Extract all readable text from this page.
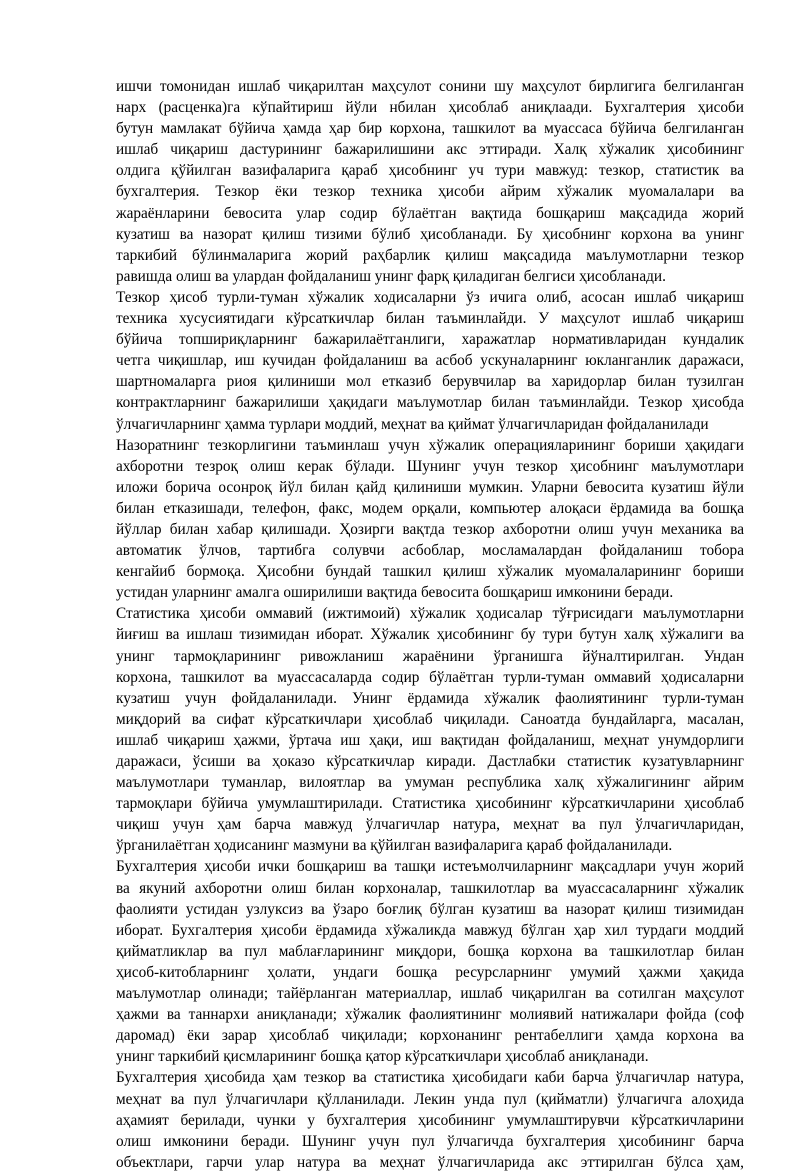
ишчи томонидан ишлаб чиқарилтан маҳсулот сонини шу маҳсулот бирлигига белгиланган
нарх (расценка)га кўпайтириш йўли нбилан ҳисоблаб аниқлаади. Бухгалтерия ҳисоби
бутун мамлакат бўйича ҳамда ҳар бир корхона, ташкилот ва муассаса бўйича белгиланган
ишлаб чиқариш дастурининг бажарилишини акс эттиради. Халқ хўжалик ҳисобининг
олдига қўйилган вазифаларига қараб ҳисобнинг уч тури мавжуд: тезкор, статистик ва
бухгалтерия. Тезкор ёки тезкор техника ҳисоби айрим хўжалик муомалалари ва
жараёнларини бевосита улар содир бўлаётган вақтида бошқариш мақсадида жорий
кузатиш ва назорат қилиш тизими бўлиб ҳисобланади. Бу ҳисобнинг корхона ва унинг
таркибий бўлинмаларига жорий раҳбарлик қилиш мақсадида маълумотларни тезкор
равишда олиш ва улардан фойдаланиш унинг фарқ қиладиган белгиси ҳисобланади.
Тезкор ҳисоб турли-туман хўжалик ходисаларни ўз ичига олиб, асосан ишлаб чиқариш
техника хусусиятидаги кўрсаткичлар билан таъминлайди. У маҳсулот ишлаб чиқариш
бўйича топшириқларнинг бажарилаётганлиги, харажатлар нормативларидан кундалик
четга чиқишлар, иш кучидан фойдаланиш ва асбоб ускуналарнинг юкланганлик даражаси,
шартномаларга риоя қилиниши мол етказиб берувчилар ва харидорлар билан тузилган
контрактларнинг бажарилиши ҳақидаги маълумотлар билан таъминлайди. Тезкор ҳисобда
ўлчагичларнинг ҳамма турлари моддий, меҳнат ва қиймат ўлчагичларидан фойдаланилади
Назоратнинг тезкорлигини таъминлаш учун хўжалик операцияларининг бориши ҳақидаги
ахборотни тезроқ олиш керак бўлади. Шунинг учун тезкор ҳисобнинг маълумотлари
иложи борича осонроқ йўл билан қайд қилиниши мумкин. Уларни бевосита кузатиш йўли
билан етказишади, телефон, факс, модем орқали, компьютер алоқаси ёрдамида ва бошқа
йўллар билан хабар қилишади. Ҳозирги вақтда тезкор ахборотни олиш учун механика ва
автоматик ўлчов, тартибга солувчи асбоблар, мосламалардан фойдаланиш тобора
кенгайиб бормоқа. Ҳисобни бундай ташкил қилиш хўжалик муомалаларининг бориши
устидан уларнинг амалга оширилиши вақтида бевосита бошқариш имконини беради.
Статистика ҳисоби оммавий (ижтимоий) хўжалик ҳодисалар тўғрисидаги маълумотларни
йиғиш ва ишлаш тизимидан иборат. Хўжалик ҳисобининг бу тури бутун халқ хўжалиги ва
унинг тармоқларининг ривожланиш жараёнини ўрганишга йўналтирилган. Ундан
корхона, ташкилот ва муассасаларда содир бўлаётган турли-туман оммавий ҳодисаларни
кузатиш учун фойдаланилади. Унинг ёрдамида хўжалик фаолиятининг турли-туман
миқдорий ва сифат кўрсаткичлари ҳисоблаб чиқилади. Саноатда бундайларга, масалан,
ишлаб чиқариш ҳажми, ўртача иш ҳақи, иш вақтидан фойдаланиш, меҳнат унумдорлиги
даражаси, ўсиши ва ҳоказо кўрсаткичлар киради. Дастлабки статистик кузатувларнинг
маълумотлари туманлар, вилоятлар ва умуман республика халқ хўжалигининг айрим
тармоқлари бўйича умумлаштирилади. Статистика ҳисобининг кўрсаткичларини ҳисоблаб
чиқиш учун ҳам барча мавжуд ўлчагичлар натура, меҳнат ва пул ўлчагичларидан,
ўрганилаётган ҳодисанинг мазмуни ва қўйилган вазифаларига қараб фойдаланилади.
Бухгалтерия ҳисоби ички бошқариш ва ташқи истеъмолчиларнинг мақсадлари учун жорий
ва якуний ахборотни олиш билан корхоналар, ташкилотлар ва муассасаларнинг хўжалик
фаолияти устидан узлуксиз ва ўзаро боғлиқ бўлган кузатиш ва назорат қилиш тизимидан
иборат. Бухгалтерия ҳисоби ёрдамида хўжаликда мавжуд бўлган ҳар хил турдаги моддий
қийматликлар ва пул маблағларининг миқдори, бошқа корхона ва ташкилотлар билан
ҳисоб-китобларнинг ҳолати, ундаги бошқа ресурсларнинг умумий ҳажми ҳақида
маълумотлар олинади; тайёрланган материаллар, ишлаб чиқарилган ва сотилган маҳсулот
ҳажми ва таннархи аниқланади; хўжалик фаолиятининг молиявий натижалари фойда (соф
даромад) ёки зарар ҳисоблаб чиқилади; корхонанинг рентабеллиги ҳамда корхона ва
унинг таркибий қисмларининг бошқа қатор кўрсаткичлари ҳисоблаб аниқланади.
Бухгалтерия ҳисобида ҳам тезкор ва статистика ҳисобидаги каби барча ўлчагичлар натура,
меҳнат ва пул ўлчагичлари қўлланилади. Лекин унда пул (қийматли) ўлчагичга алоҳида
аҳамият берилади, чунки у бухгалтерия ҳисобининг умумлаштирувчи кўрсаткичларини
олиш имконини беради. Шунинг учун пул ўлчагичда бухгалтерия ҳисобининг барча
объектлари, гарчи улар натура ва меҳнат ўлчагичларида акс эттирилган бўлса ҳам,
